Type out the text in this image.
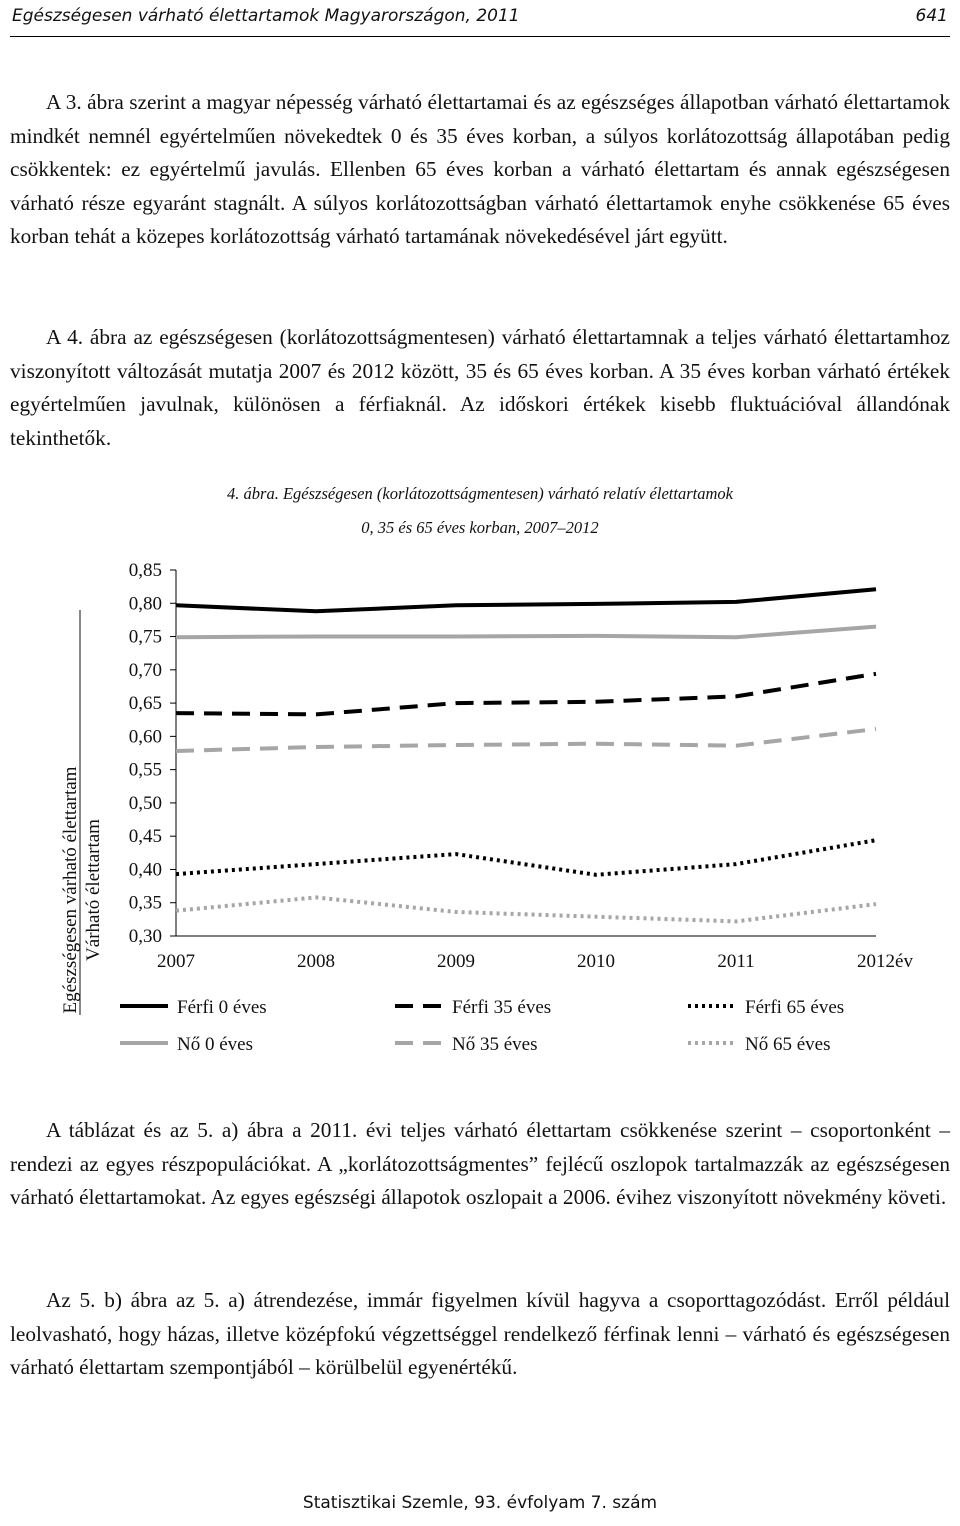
Egészségesen várható élettartamok Magyarországon, 2011	641

A 3. ábra szerint a magyar népesség várható élettartamai és az egészséges állapotban várható élettartamok mindkét nemnél egyértelműen növekedtek 0 és 35 éves korban, a súlyos korlátozottság állapotában pedig csökkentek: ez egyértelmű javulás. Ellenben 65 éves korban a várható élettartam és annak egészségesen várható része egyaránt stagnált. A súlyos korlátozottságban várható élettartamok enyhe csökkenése 65 éves korban tehát a közepes korlátozottság várható tartamának növekedésével járt együtt.

A 4. ábra az egészségesen (korlátozottságmentesen) várható élettartamnak a teljes várható élettartamhoz viszonyított változását mutatja 2007 és 2012 között, 35 és 65 éves korban. A 35 éves korban várható értékek egyértelműen javulnak, különösen a férfiaknál. Az időskori értékek kisebb fluktuációval állandónak tekinthetők.

4. ábra. Egészségesen (korlátozottságmentesen) várható relatív élettartamok
0, 35 és 65 éves korban, 2007–2012
Egészségesen várható élettartam Várható élettartam 0,30
0,35
0,40
0,45
0,50
0,55
0,60
0,65
0,70
0,75
0,80
0,85
2007	2008	2009	2010	2011	2012 év
Férfi 0 éves	Férfi 35 éves	Férfi 65 éves
Nő 0 éves	Nő 35 éves	Nő 65 éves

A táblázat és az 5. a) ábra a 2011. évi teljes várható élettartam csökkenése szerint – csoportonként – rendezi az egyes részpopulációkat. A „korlátozottságmentes” fejlécű oszlopok tartalmazzák az egészségesen várható élettartamokat. Az egyes egészségi állapotok oszlopait a 2006. évihez viszonyított növekmény követi.

Az 5. b) ábra az 5. a) átrendezése, immár figyelmen kívül hagyva a csoporttagozódást. Erről például leolvasható, hogy házas, illetve középfokú végzettséggel rendelkező férfinak lenni – várható és egészségesen várható élettartam szempontjából – körülbelül egyenértékű.

Statisztikai Szemle, 93. évfolyam 7. szám
